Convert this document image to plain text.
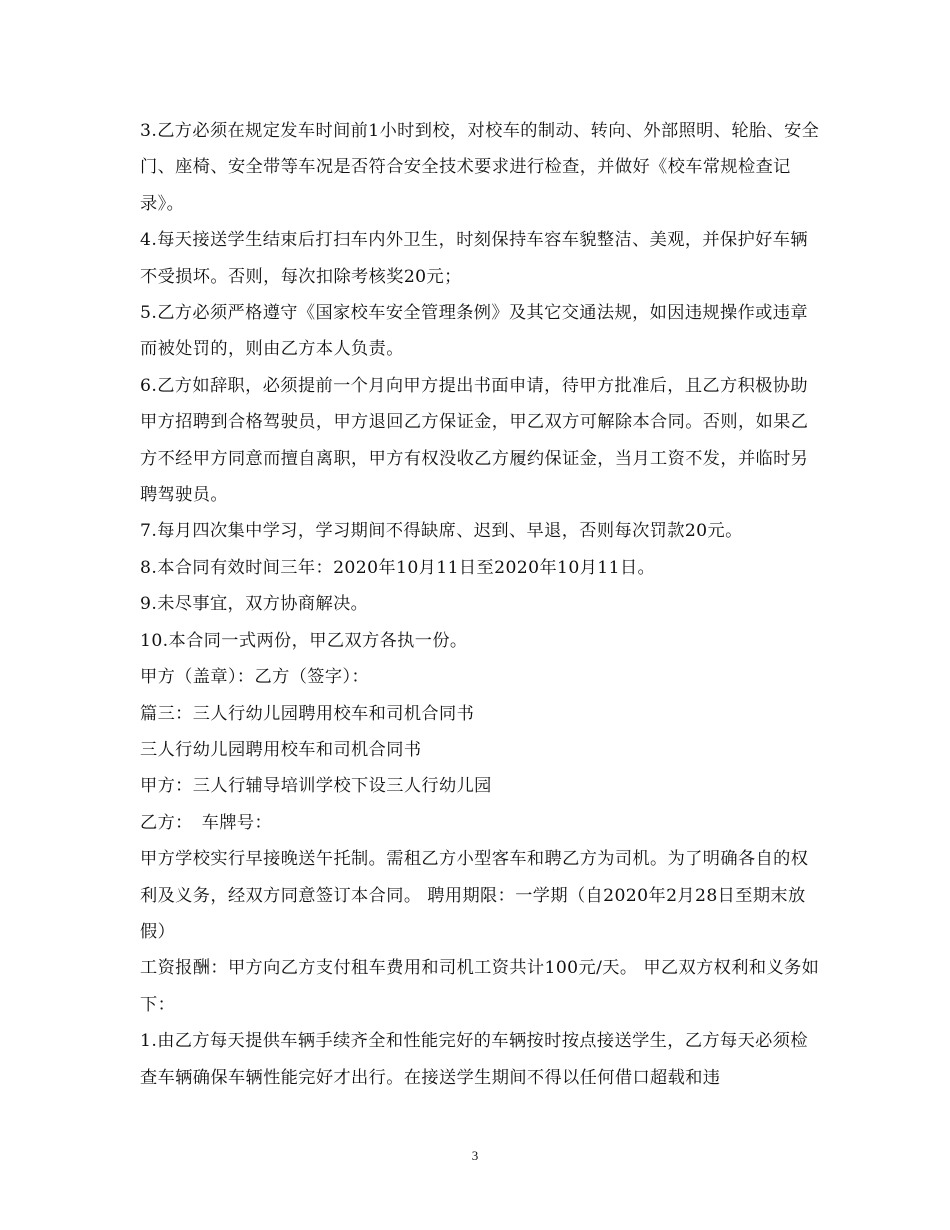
3.乙方必须在规定发车时间前1小时到校，对校车的制动、转向、外部照明、轮胎、安全门、座椅、安全带等车况是否符合安全技术要求进行检查，并做好《校车常规检查记录》。

4.每天接送学生结束后打扫车内外卫生，时刻保持车容车貌整洁、美观，并保护好车辆不受损坏。否则，每次扣除考核奖20元；

5.乙方必须严格遵守《国家校车安全管理条例》及其它交通法规，如因违规操作或违章而被处罚的，则由乙方本人负责。

6.乙方如辞职，必须提前一个月向甲方提出书面申请，待甲方批准后，且乙方积极协助甲方招聘到合格驾驶员，甲方退回乙方保证金，甲乙双方可解除本合同。否则，如果乙方不经甲方同意而擅自离职，甲方有权没收乙方履约保证金，当月工资不发，并临时另聘驾驶员。

7.每月四次集中学习，学习期间不得缺席、迟到、早退，否则每次罚款20元。

8.本合同有效时间三年：2020年10月11日至2020年10月11日。

9.未尽事宜，双方协商解决。

10.本合同一式两份，甲乙双方各执一份。

甲方（盖章）：乙方（签字）：

篇三：三人行幼儿园聘用校车和司机合同书

三人行幼儿园聘用校车和司机合同书

甲方：三人行辅导培训学校下设三人行幼儿园

乙方：　车牌号：

甲方学校实行早接晚送午托制。需租乙方小型客车和聘乙方为司机。为了明确各自的权利及义务，经双方同意签订本合同。 聘用期限：一学期（自2020年2月28日至期末放假）

工资报酬：甲方向乙方支付租车费用和司机工资共计100元/天。 甲乙双方权利和义务如下：

1.由乙方每天提供车辆手续齐全和性能完好的车辆按时按点接送学生，乙方每天必须检查车辆确保车辆性能完好才出行。在接送学生期间不得以任何借口超载和违

3
